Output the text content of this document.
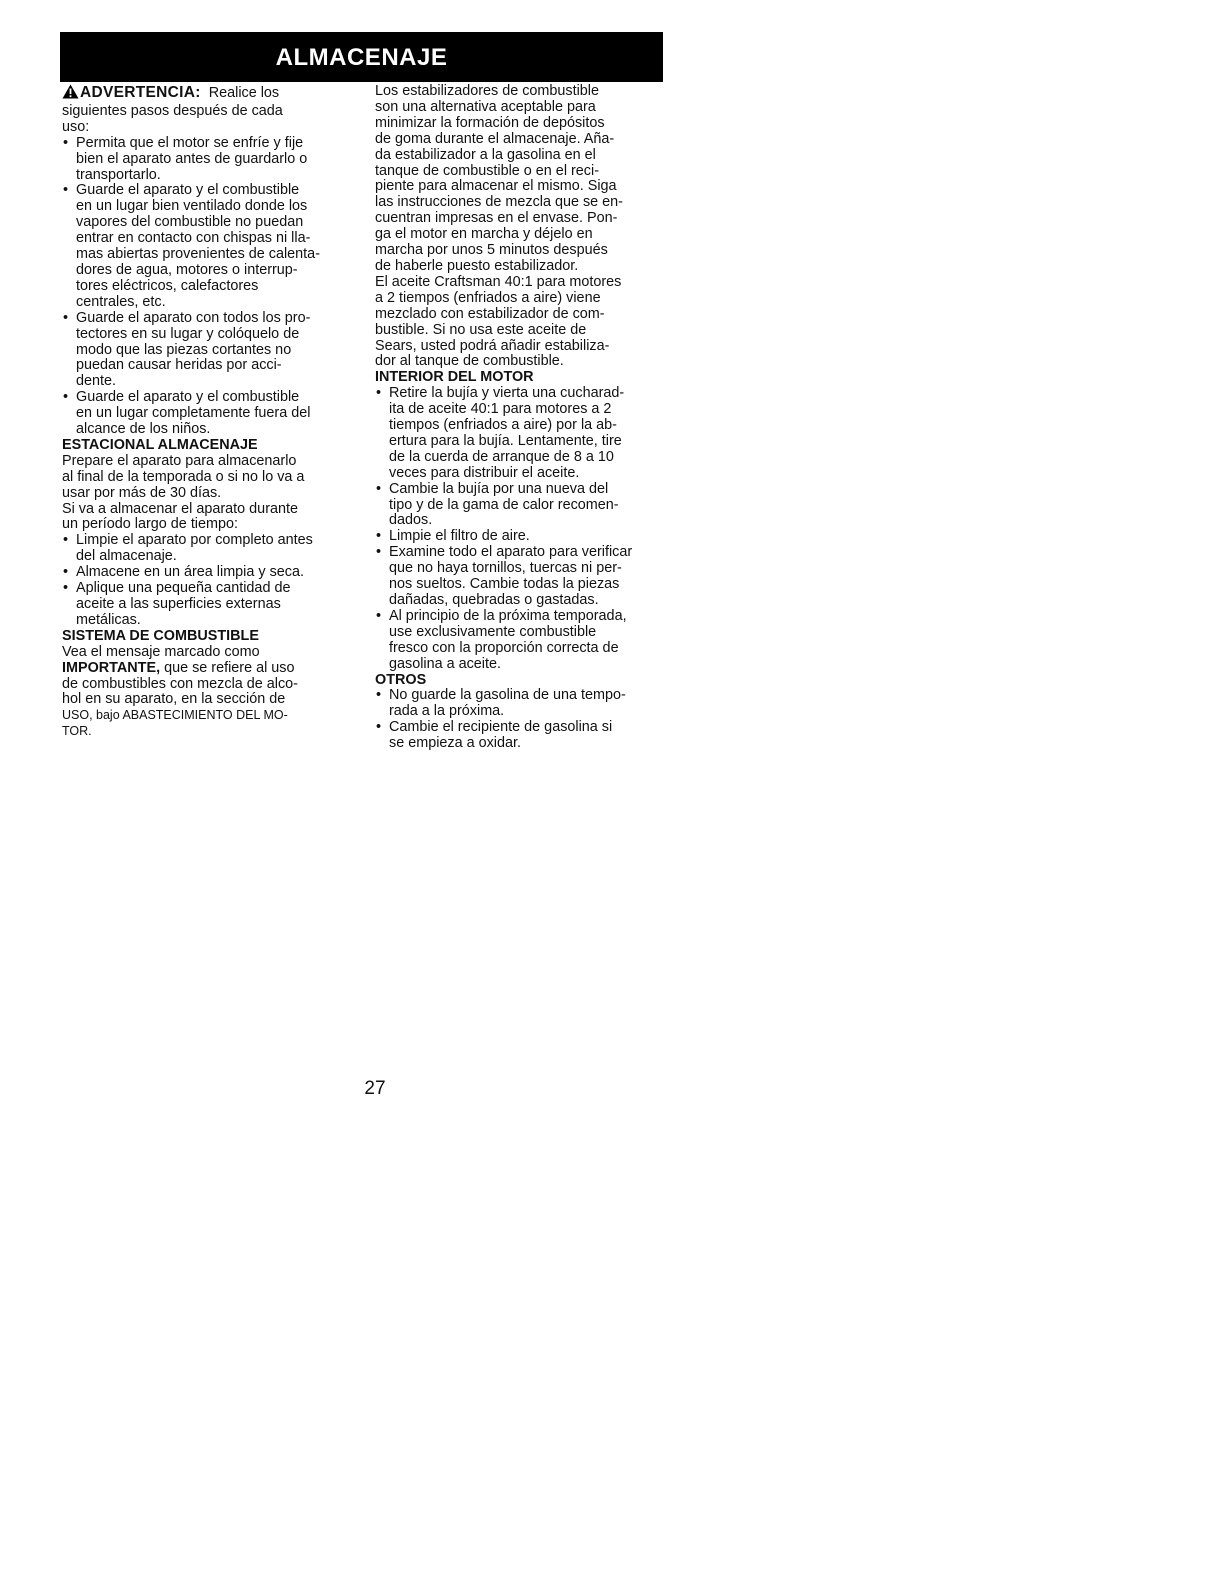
ALMACENAJE

ADVERTENCIA: Realice los

siguientes pasos después de cada

uso:

• Permita que el motor se enfríe y fije
bien el aparato antes de guardarlo o
transportarlo.
• Guarde el aparato y el combustible
en un lugar bien ventilado donde los
vapores del combustible no puedan
entrar en contacto con chispas ni lla-
mas abiertas provenientes de calenta-
dores de agua, motores o interrup-
tores eléctricos, calefactores
centrales, etc.
• Guarde el aparato con todos los pro-
tectores en su lugar y colóquelo de
modo que las piezas cortantes no
puedan causar heridas por acci-
dente.
• Guarde el aparato y el combustible
en un lugar completamente fuera del
alcance de los niños.

ESTACIONAL ALMACENAJE

Prepare el aparato para almacenarlo

al final de la temporada o si no lo va a

usar por más de 30 días.

Si va a almacenar el aparato durante

un período largo de tiempo:

• Limpie el aparato por completo antes
del almacenaje.
• Almacene en un área limpia y seca.
• Aplique una pequeña cantidad de
aceite a las superficies externas
metálicas.

SISTEMA DE COMBUSTIBLE

Vea el mensaje marcado como

IMPORTANTE, que se refiere al uso

de combustibles con mezcla de alco-

hol en su aparato, en la sección de

USO, bajo ABASTECIMIENTO DEL MO-

TOR.

Los estabilizadores de combustible

son una alternativa aceptable para

minimizar la formación de depósitos

de goma durante el almacenaje. Aña-

da estabilizador a la gasolina en el

tanque de combustible o en el reci-

piente para almacenar el mismo. Siga

las instrucciones de mezcla que se en-

cuentran impresas en el envase. Pon-

ga el motor en marcha y déjelo en

marcha por unos 5 minutos después

de haberle puesto estabilizador.

El aceite Craftsman 40:1 para motores

a 2 tiempos (enfriados a aire) viene

mezclado con estabilizador de com-

bustible. Si no usa este aceite de

Sears, usted podrá añadir estabiliza-

dor al tanque de combustible.

INTERIOR DEL MOTOR

• Retire la bujía y vierta una cucharad-
ita de aceite 40:1 para motores a 2
tiempos (enfriados a aire) por la ab-
ertura para la bujía. Lentamente, tire
de la cuerda de arranque de 8 a 10
veces para distribuir el aceite.
• Cambie la bujía por una nueva del
tipo y de la gama de calor recomen-
dados.
• Limpie el filtro de aire.
• Examine todo el aparato para verificar
que no haya tornillos, tuercas ni per-
nos sueltos. Cambie todas la piezas
dañadas, quebradas o gastadas.
• Al principio de la próxima temporada,
use exclusivamente combustible
fresco con la proporción correcta de
gasolina a aceite.

OTROS

• No guarde la gasolina de una tempo-
rada a la próxima.
• Cambie el recipiente de gasolina si
se empieza a oxidar.
27
